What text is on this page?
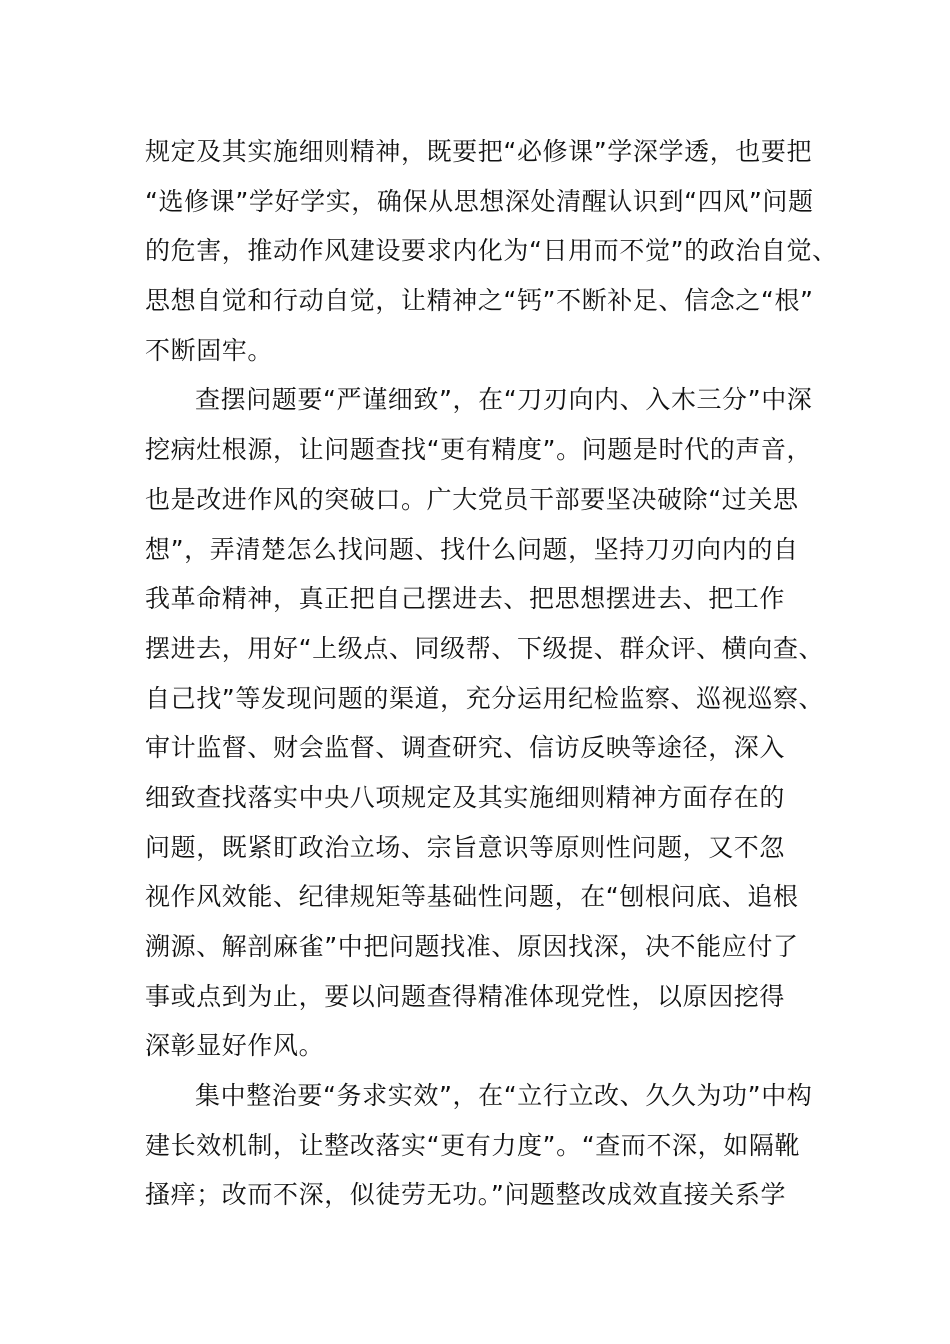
规定及其实施细则精神，既要把“必修课”学深学透，也要把
“选修课”学好学实，确保从思想深处清醒认识到“四风”问题
的危害，推动作风建设要求内化为“日用而不觉”的政治自觉、
思想自觉和行动自觉，让精神之“钙”不断补足、信念之“根”
不断固牢。
查摆问题要“严谨细致”，在“刀刃向内、入木三分”中深
挖病灶根源，让问题查找“更有精度”。问题是时代的声音，
也是改进作风的突破口。广大党员干部要坚决破除“过关思
想”，弄清楚怎么找问题、找什么问题，坚持刀刃向内的自
我革命精神，真正把自己摆进去、把思想摆进去、把工作
摆进去，用好“上级点、同级帮、下级提、群众评、横向查、
自己找”等发现问题的渠道，充分运用纪检监察、巡视巡察、
审计监督、财会监督、调查研究、信访反映等途径，深入
细致查找落实中央八项规定及其实施细则精神方面存在的
问题，既紧盯政治立场、宗旨意识等原则性问题，又不忽
视作风效能、纪律规矩等基础性问题，在“刨根问底、追根
溯源、解剖麻雀”中把问题找准、原因找深，决不能应付了
事或点到为止，要以问题查得精准体现党性，以原因挖得
深彰显好作风。
集中整治要“务求实效”，在“立行立改、久久为功”中构
建长效机制，让整改落实“更有力度”。“查而不深，如隔靴
搔痒；改而不深，似徒劳无功。”问题整改成效直接关系学
